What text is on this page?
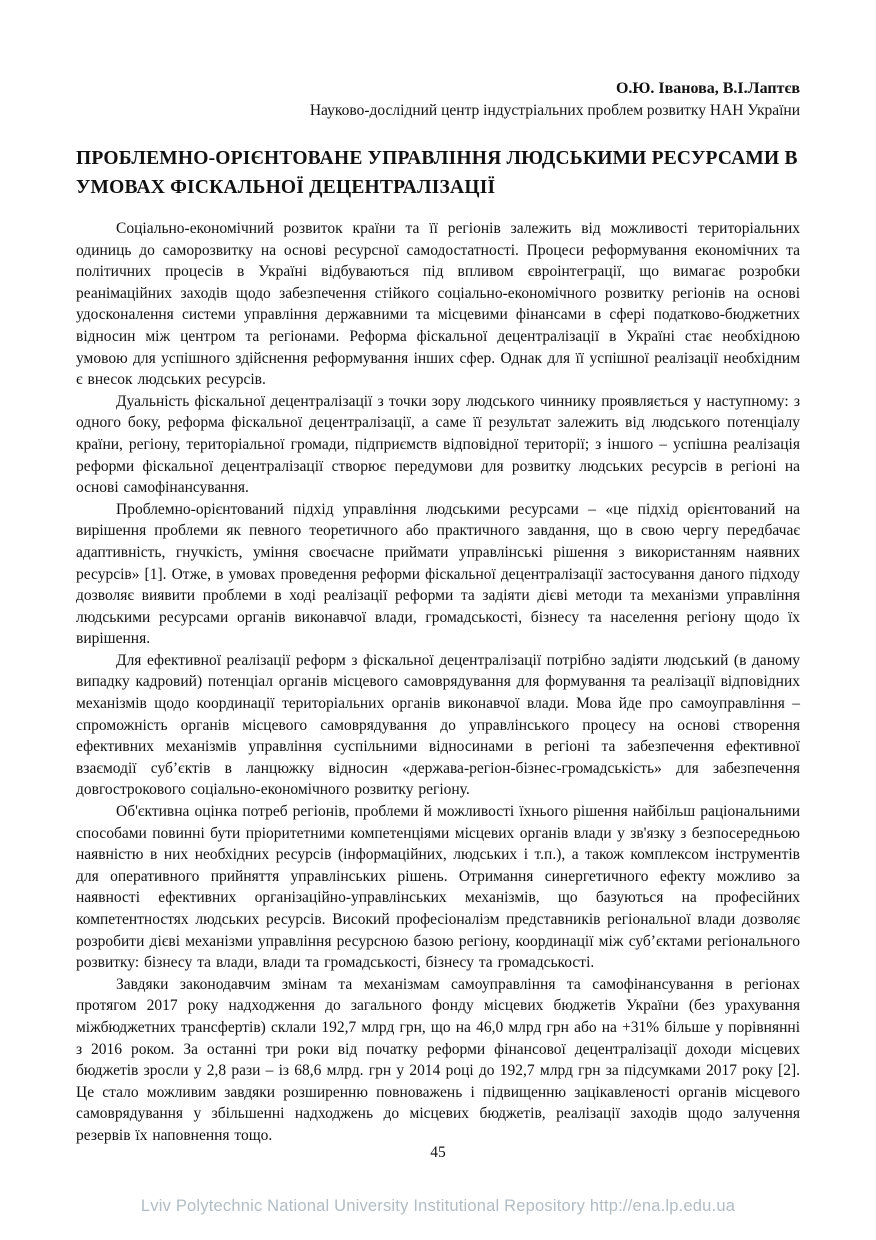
О.Ю. Іванова, В.І.Лаптєв
Науково-дослідний центр індустріальних проблем розвитку НАН України
ПРОБЛЕМНО-ОРІЄНТОВАНЕ УПРАВЛІННЯ ЛЮДСЬКИМИ РЕСУРСАМИ В УМОВАХ ФІСКАЛЬНОЇ ДЕЦЕНТРАЛІЗАЦІЇ

Соціально-економічний розвиток країни та її регіонів залежить від можливості територіальних одиниць до саморозвитку на основі ресурсної самодостатності. Процеси реформування економічних та політичних процесів в Україні відбуваються під впливом євроінтеграції, що вимагає розробки реанімаційних заходів щодо забезпечення стійкого соціально-економічного розвитку регіонів на основі удосконалення системи управління державними та місцевими фінансами в сфері податково-бюджетних відносин між центром та регіонами. Реформа фіскальної децентралізації в Україні стає необхідною умовою для успішного здійснення реформування інших сфер. Однак для її успішної реалізації необхідним є внесок людських ресурсів.

Дуальність фіскальної децентралізації з точки зору людського чиннику проявляється у наступному: з одного боку, реформа фіскальної децентралізації, а саме її результат залежить від людського потенціалу країни, регіону, територіальної громади, підприємств відповідної території; з іншого – успішна реалізація реформи фіскальної децентралізації створює передумови для розвитку людських ресурсів в регіоні на основі самофінансування.

Проблемно-орієнтований підхід управління людськими ресурсами – «це підхід орієнтований на вирішення проблеми як певного теоретичного або практичного завдання, що в свою чергу передбачає адаптивність, гнучкість, уміння своєчасне приймати управлінські рішення з використанням наявних ресурсів» [1]. Отже, в умовах проведення реформи фіскальної децентралізації застосування даного підходу дозволяє виявити проблеми в ході реалізації реформи та задіяти дієві методи та механізми управління людськими ресурсами органів виконавчої влади, громадськості, бізнесу та населення регіону щодо їх вирішення.

Для ефективної реалізації реформ з фіскальної децентралізації потрібно задіяти людський (в даному випадку кадровий) потенціал органів місцевого самоврядування для формування та реалізації відповідних механізмів щодо координації територіальних органів виконавчої влади. Мова йде про самоуправління – спроможність органів місцевого самоврядування до управлінського процесу на основі створення ефективних механізмів управління суспільними відносинами в регіоні та забезпечення ефективної взаємодії суб’єктів в ланцюжку відносин «держава-регіон-бізнес-громадськість» для забезпечення довгострокового соціально-економічного розвитку регіону.

Об'єктивна оцінка потреб регіонів, проблеми й можливості їхнього рішення найбільш раціональними способами повинні бути пріоритетними компетенціями місцевих органів влади у зв'язку з безпосередньою наявністю в них необхідних ресурсів (інформаційних, людських і т.п.), а також комплексом інструментів для оперативного прийняття управлінських рішень. Отримання синергетичного ефекту можливо за наявності ефективних організаційно-управлінських механізмів, що базуються на професійних компетентностях людських ресурсів. Високий професіоналізм представників регіональної влади дозволяє розробити дієві механізми управління ресурсною базою регіону, координації між суб’єктами регіонального розвитку: бізнесу та влади, влади та громадськості, бізнесу та громадськості.

Завдяки законодавчим змінам та механізмам самоуправління та самофінансування в регіонах протягом 2017 року надходження до загального фонду місцевих бюджетів України (без урахування міжбюджетних трансфертів) склали 192,7 млрд грн, що на 46,0 млрд грн або на +31% більше у порівнянні з 2016 роком. За останні три роки від початку реформи фінансової децентралізації доходи місцевих бюджетів зросли у 2,8 рази – із 68,6 млрд. грн у 2014 році до 192,7 млрд грн за підсумками 2017 року [2]. Це стало можливим завдяки розширенню повноважень і підвищенню зацікавленості органів місцевого самоврядування у збільшенні надходжень до місцевих бюджетів, реалізації заходів щодо залучення резервів їх наповнення тощо.

45
Lviv Polytechnic National University Institutional Repository http://ena.lp.edu.ua
